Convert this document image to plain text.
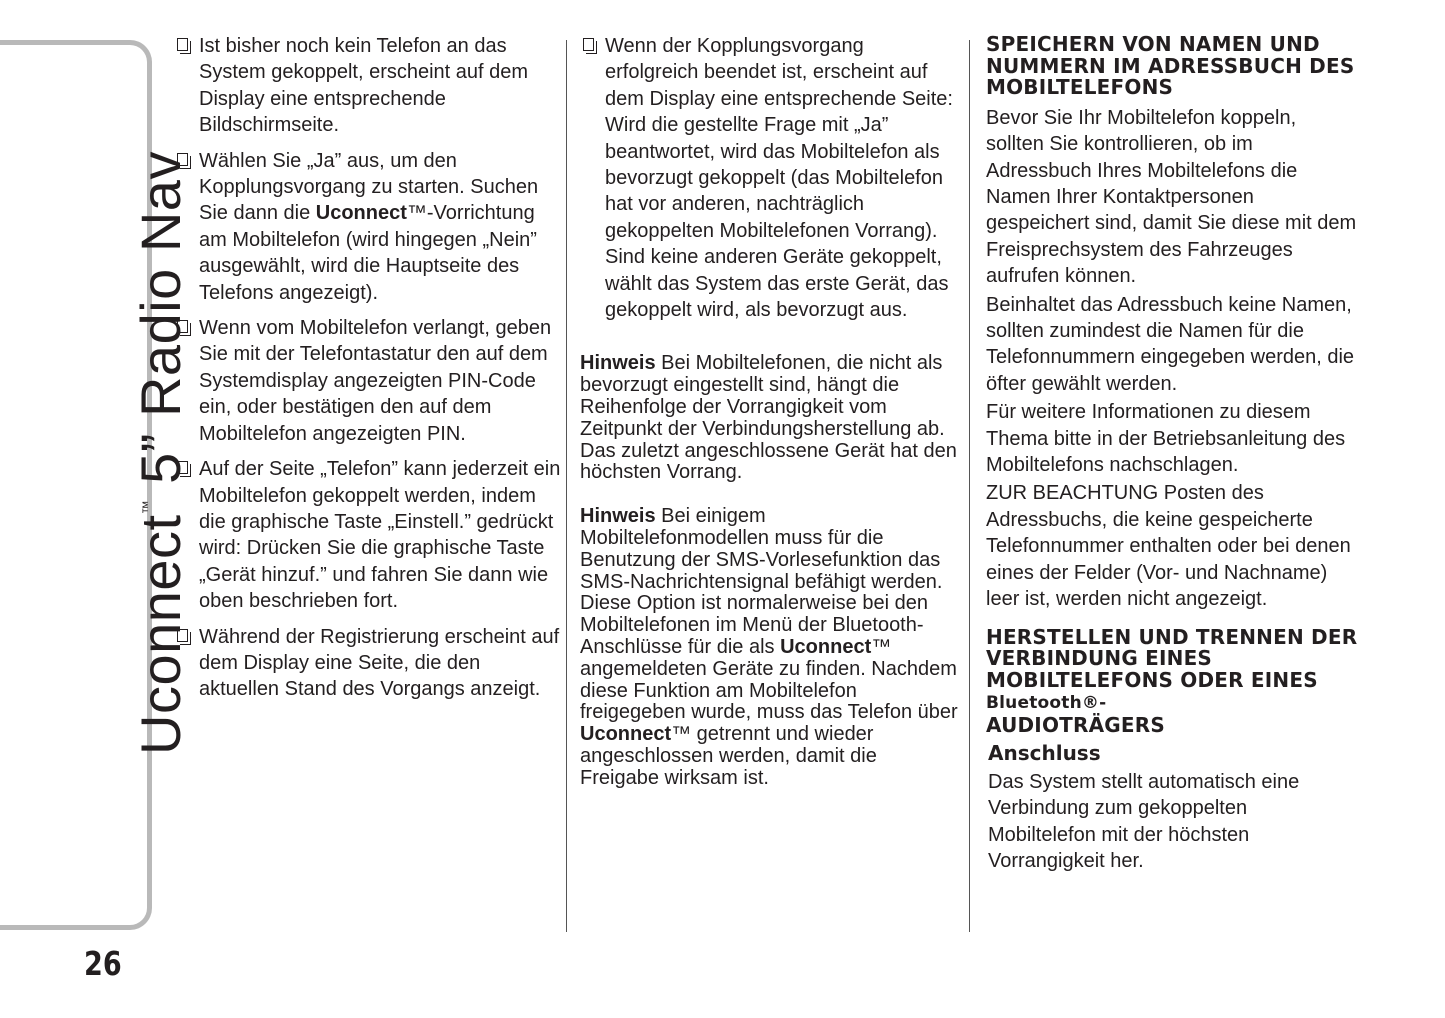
Uconnect™ 5” Radio Nav
26
Ist bisher noch kein Telefon an das System gekoppelt, erscheint auf dem Display eine entsprechende Bildschirmseite.
Wählen Sie „Ja” aus, um den Kopplungsvorgang zu starten. Suchen Sie dann die Uconnect™-Vorrichtung am Mobiltelefon (wird hingegen „Nein” ausgewählt, wird die Hauptseite des Telefons angezeigt).
Wenn vom Mobiltelefon verlangt, geben Sie mit der Telefontastatur den auf dem Systemdisplay angezeigten PIN-Code ein, oder bestätigen den auf dem Mobiltelefon angezeigten PIN.
Auf der Seite „Telefon” kann jederzeit ein Mobiltelefon gekoppelt werden, indem die graphische Taste „Einstell.” gedrückt wird: Drücken Sie die graphische Taste „Gerät hinzuf.” und fahren Sie dann wie oben beschrieben fort.
Während der Registrierung erscheint auf dem Display eine Seite, die den aktuellen Stand des Vorgangs anzeigt.
Wenn der Kopplungsvorgang erfolgreich beendet ist, erscheint auf dem Display eine entsprechende Seite: Wird die gestellte Frage mit „Ja” beantwortet, wird das Mobiltelefon als bevorzugt gekoppelt (das Mobiltelefon hat vor anderen, nachträglich gekoppelten Mobiltelefonen Vorrang). Sind keine anderen Geräte gekoppelt, wählt das System das erste Gerät, das gekoppelt wird, als bevorzugt aus.

Hinweis Bei Mobiltelefonen, die nicht als bevorzugt eingestellt sind, hängt die Reihenfolge der Vorrangigkeit vom Zeitpunkt der Verbindungsherstellung ab. Das zuletzt angeschlossene Gerät hat den höchsten Vorrang.

Hinweis Bei einigem Mobiltelefonmodellen muss für die Benutzung der SMS-Vorlesefunktion das SMS-Nachrichtensignal befähigt werden. Diese Option ist normalerweise bei den Mobiltelefonen im Menü der Bluetooth-Anschlüsse für die als Uconnect™ angemeldeten Geräte zu finden. Nachdem diese Funktion am Mobiltelefon freigegeben wurde, muss das Telefon über Uconnect™ getrennt und wieder angeschlossen werden, damit die Freigabe wirksam ist.

SPEICHERN VON NAMEN UND NUMMERN IM ADRESSBUCH DES MOBILTELEFONS

Bevor Sie Ihr Mobiltelefon koppeln, sollten Sie kontrollieren, ob im Adressbuch Ihres Mobiltelefons die Namen Ihrer Kontaktpersonen gespeichert sind, damit Sie diese mit dem Freisprechsystem des Fahrzeuges aufrufen können.

Beinhaltet das Adressbuch keine Namen, sollten zumindest die Namen für die Telefonnummern eingegeben werden, die öfter gewählt werden.

Für weitere Informationen zu diesem Thema bitte in der Betriebsanleitung des Mobiltelefons nachschlagen.

ZUR BEACHTUNG Posten des Adressbuchs, die keine gespeicherte Telefonnummer enthalten oder bei denen eines der Felder (Vor- und Nachname) leer ist, werden nicht angezeigt.

HERSTELLEN UND TRENNEN DER VERBINDUNG EINES MOBILTELEFONS ODER EINES Bluetooth®-
AUDIOTRÄGERS
Anschluss

Das System stellt automatisch eine Verbindung zum gekoppelten Mobiltelefon mit der höchsten Vorrangigkeit her.
